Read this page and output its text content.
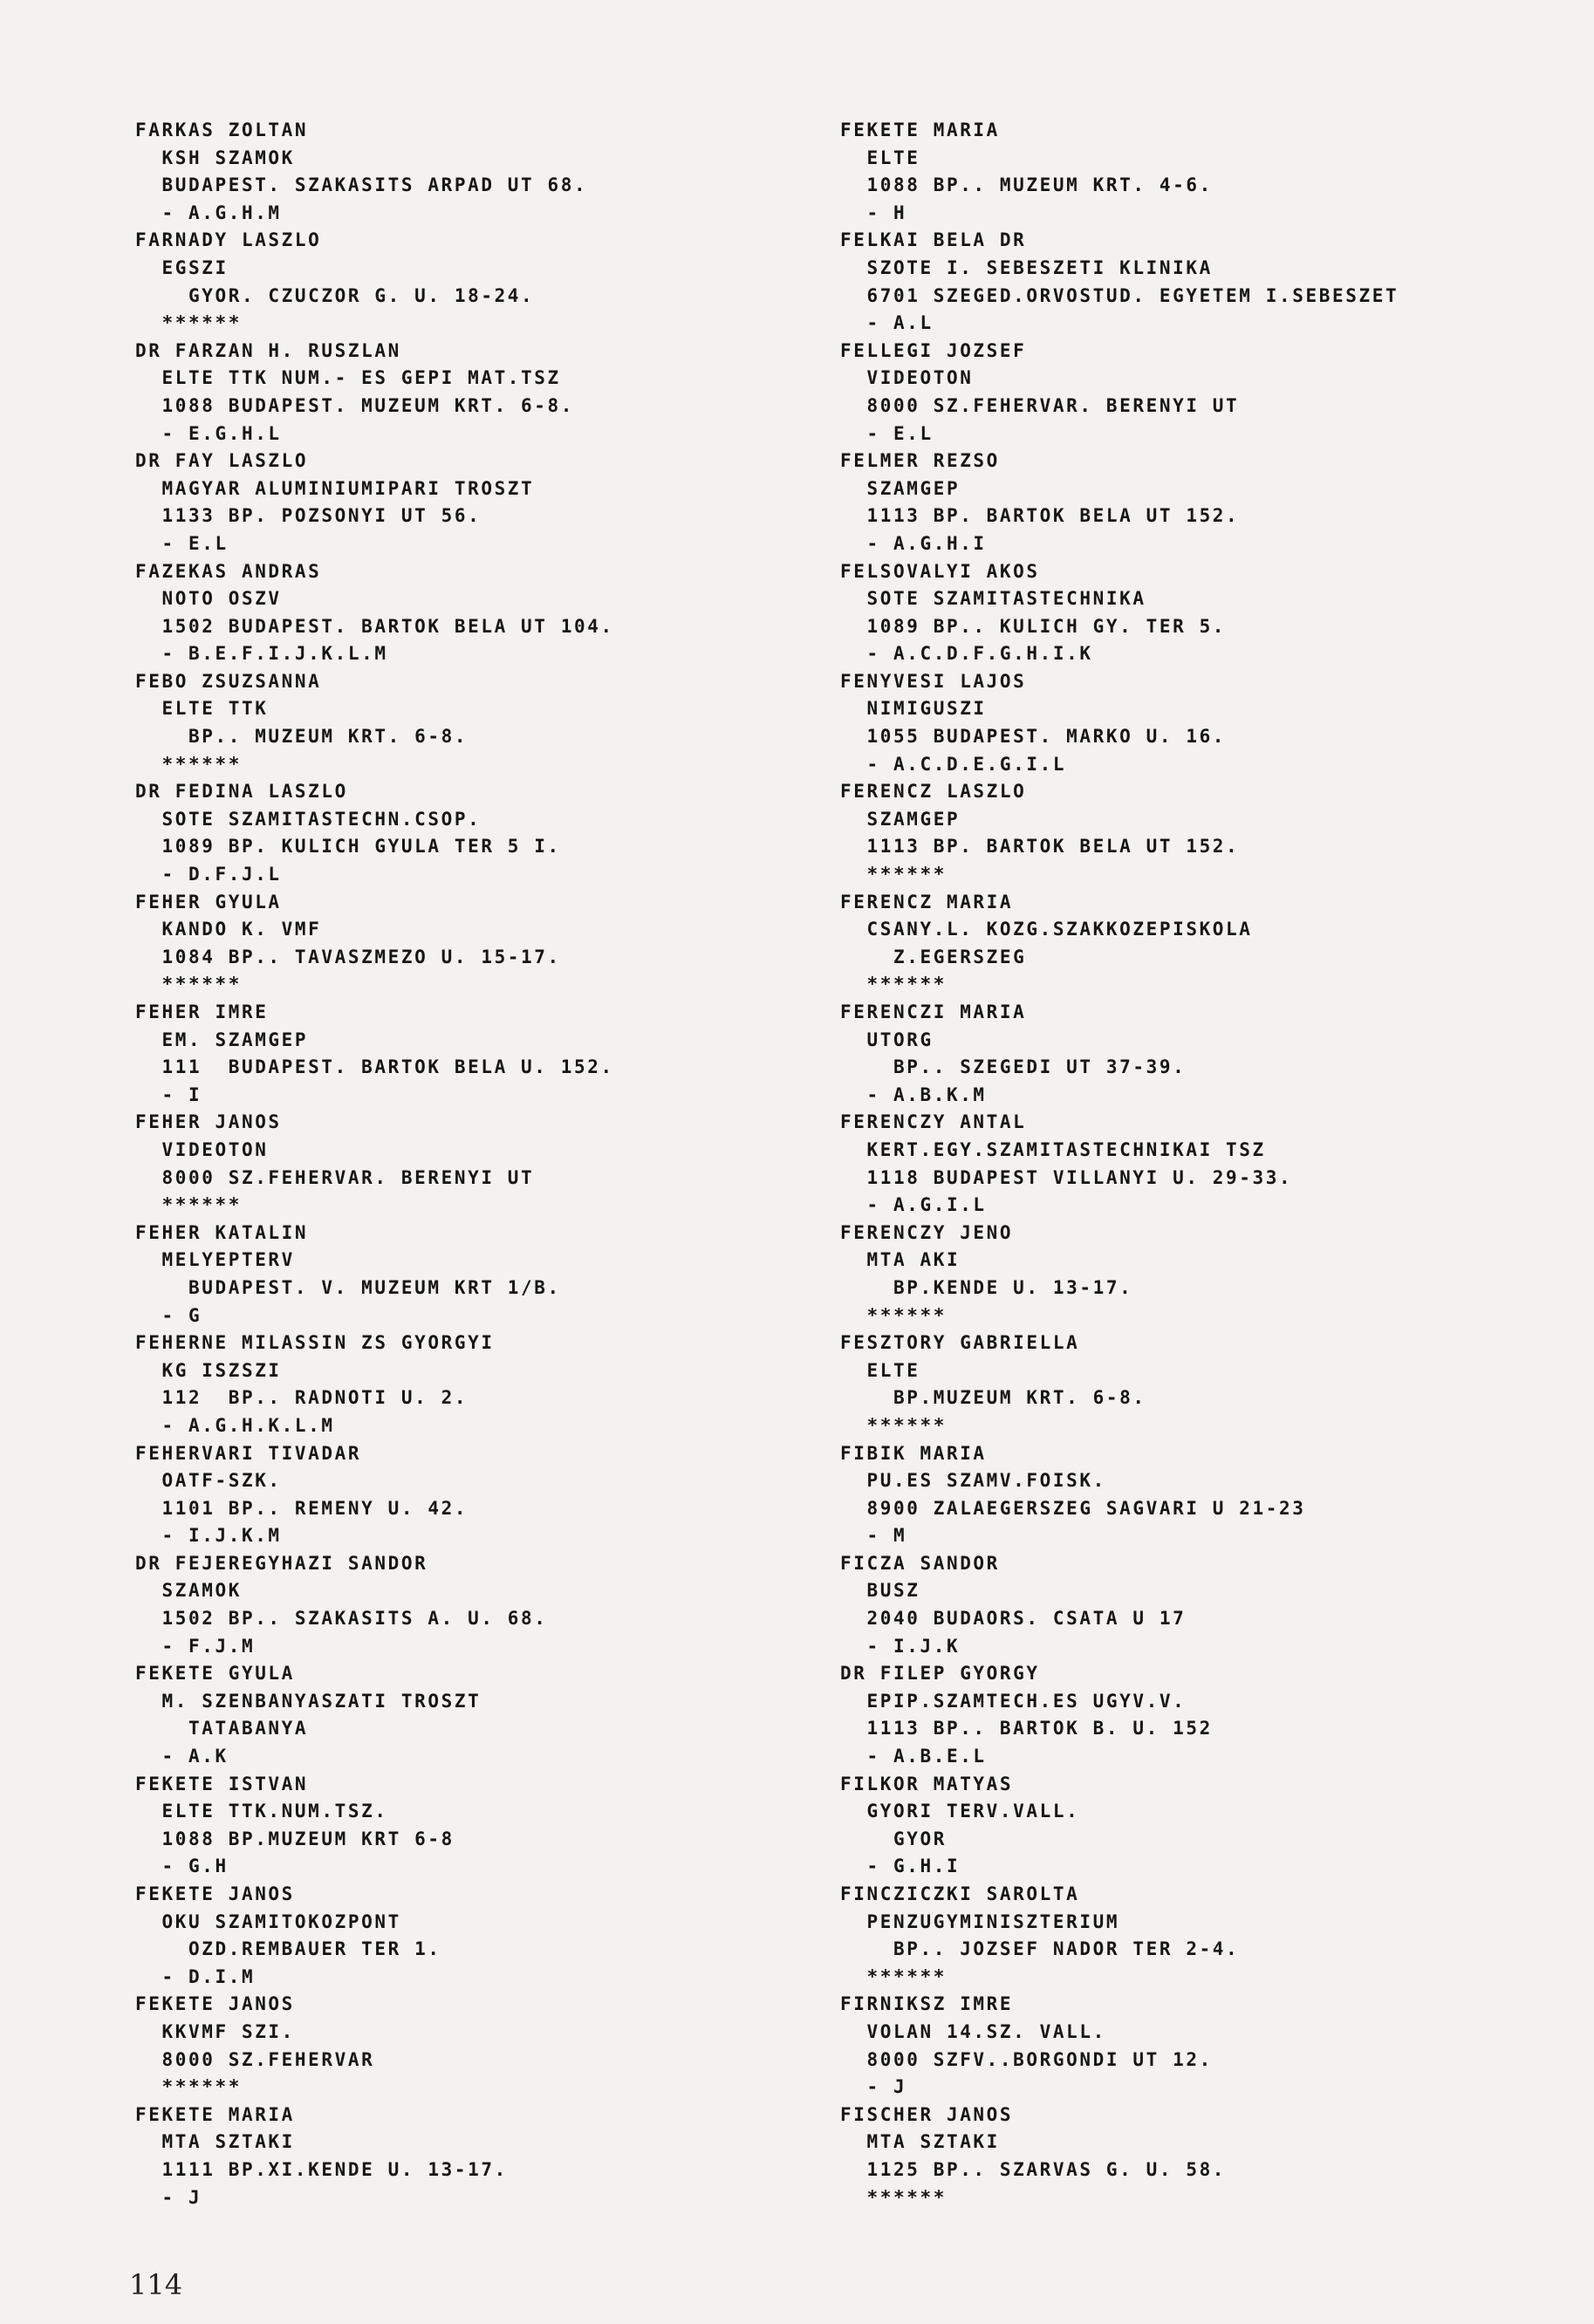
FARKAS ZOLTAN
KSH SZAMOK
BUDAPEST. SZAKASITS ARPAD UT 68.
- A.G.H.M
FARNADY LASZLO
EGSZI
GYOR. CZUCZOR G. U. 18-24.
******
DR FARZAN H. RUSZLAN
ELTE TTK NUM.- ES GEPI MAT.TSZ
1088 BUDAPEST. MUZEUM KRT. 6-8.
- E.G.H.L
DR FAY LASZLO
MAGYAR ALUMINIUMIPARI TROSZT
1133 BP. POZSONYI UT 56.
- E.L
FAZEKAS ANDRAS
NOTO OSZV
1502 BUDAPEST. BARTOK BELA UT 104.
- B.E.F.I.J.K.L.M
FEBO ZSUZSANNA
ELTE TTK
BP.. MUZEUM KRT. 6-8.
******
DR FEDINA LASZLO
SOTE SZAMITASTECHN.CSOP.
1089 BP. KULICH GYULA TER 5 I.
- D.F.J.L
FEHER GYULA
KANDO K. VMF
1084 BP.. TAVASZMEZO U. 15-17.
******
FEHER IMRE
EM. SZAMGEP
111  BUDAPEST. BARTOK BELA U. 152.
- I
FEHER JANOS
VIDEOTON
8000 SZ.FEHERVAR. BERENYI UT
******
FEHER KATALIN
MELYEPTERV
BUDAPEST. V. MUZEUM KRT 1/B.
- G
FEHERNE MILASSIN ZS GYORGYI
KG ISZSZI
112  BP.. RADNOTI U. 2.
- A.G.H.K.L.M
FEHERVARI TIVADAR
OATF-SZK.
1101 BP.. REMENY U. 42.
- I.J.K.M
DR FEJEREGYHAZI SANDOR
SZAMOK
1502 BP.. SZAKASITS A. U. 68.
- F.J.M
FEKETE GYULA
M. SZENBANYASZATI TROSZT
TATABANYA
- A.K
FEKETE ISTVAN
ELTE TTK.NUM.TSZ.
1088 BP.MUZEUM KRT 6-8
- G.H
FEKETE JANOS
OKU SZAMITOKOZPONT
OZD.REMBAUER TER 1.
- D.I.M
FEKETE JANOS
KKVMF SZI.
8000 SZ.FEHERVAR
******
FEKETE MARIA
MTA SZTAKI
1111 BP.XI.KENDE U. 13-17.
- J
FEKETE MARIA
ELTE
1088 BP.. MUZEUM KRT. 4-6.
- H
FELKAI BELA DR
SZOTE I. SEBESZETI KLINIKA
6701 SZEGED.ORVOSTUD. EGYETEM I.SEBESZET
- A.L
FELLEGI JOZSEF
VIDEOTON
8000 SZ.FEHERVAR. BERENYI UT
- E.L
FELMER REZSO
SZAMGEP
1113 BP. BARTOK BELA UT 152.
- A.G.H.I
FELSOVALYI AKOS
SOTE SZAMITASTECHNIKA
1089 BP.. KULICH GY. TER 5.
- A.C.D.F.G.H.I.K
FENYVESI LAJOS
NIMIGUSZI
1055 BUDAPEST. MARKO U. 16.
- A.C.D.E.G.I.L
FERENCZ LASZLO
SZAMGEP
1113 BP. BARTOK BELA UT 152.
******
FERENCZ MARIA
CSANY.L. KOZG.SZAKKOZEPISKOLA
Z.EGERSZEG
******
FERENCZI MARIA
UTORG
BP.. SZEGEDI UT 37-39.
- A.B.K.M
FERENCZY ANTAL
KERT.EGY.SZAMITASTECHNIKAI TSZ
1118 BUDAPEST VILLANYI U. 29-33.
- A.G.I.L
FERENCZY JENO
MTA AKI
BP.KENDE U. 13-17.
******
FESZTORY GABRIELLA
ELTE
BP.MUZEUM KRT. 6-8.
******
FIBIK MARIA
PU.ES SZAMV.FOISK.
8900 ZALAEGERSZEG SAGVARI U 21-23
- M
FICZA SANDOR
BUSZ
2040 BUDAORS. CSATA U 17
- I.J.K
DR FILEP GYORGY
EPIP.SZAMTECH.ES UGYV.V.
1113 BP.. BARTOK B. U. 152
- A.B.E.L
FILKOR MATYAS
GYORI TERV.VALL.
GYOR
- G.H.I
FINCZICZKI SAROLTA
PENZUGYMINISZTERIUM
BP.. JOZSEF NADOR TER 2-4.
******
FIRNIKSZ IMRE
VOLAN 14.SZ. VALL.
8000 SZFV..BORGONDI UT 12.
- J
FISCHER JANOS
MTA SZTAKI
1125 BP.. SZARVAS G. U. 58.
******
114
